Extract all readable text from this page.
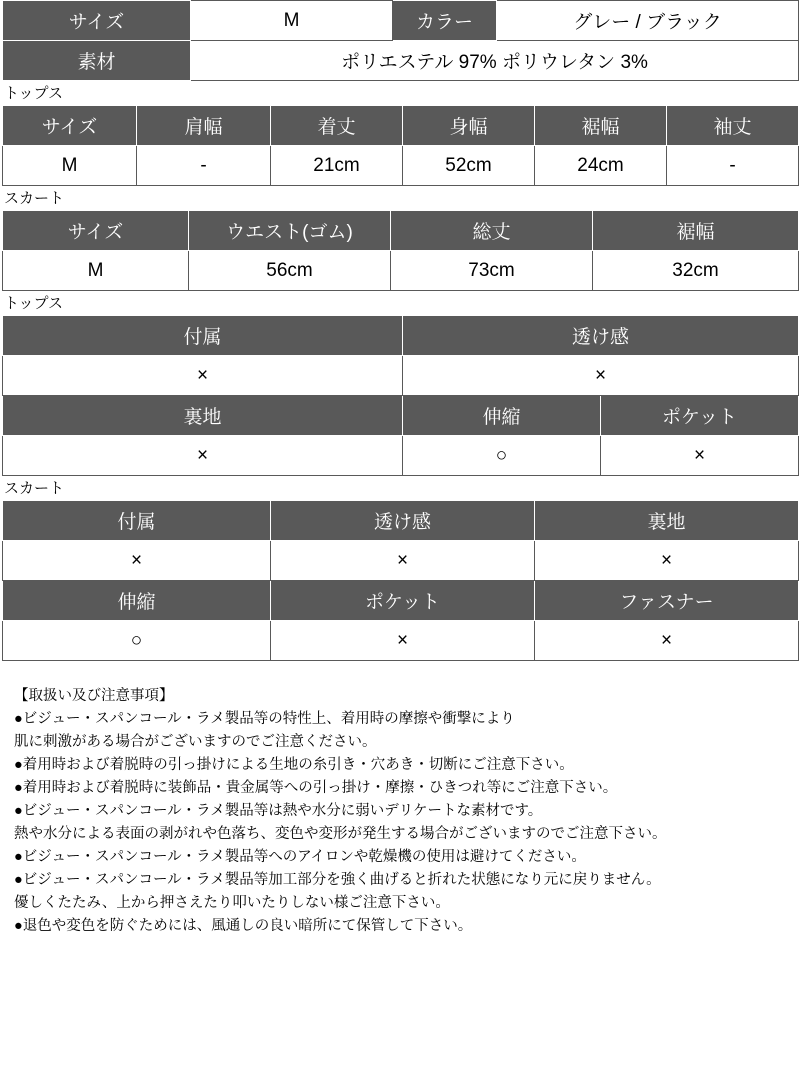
サイズ	M	カラー	グレー / ブラック
素材	ポリエステル 97% ポリウレタン 3%		
トップス
サイズ	肩幅	着丈	身幅	裾幅	袖丈
M	-	21cm	52cm	24cm	-
スカート
サイズ	ウエスト(ゴム)	総丈	裾幅
M	56cm	73cm	32cm
トップス
付属	透け感	
×	×	
裏地	伸縮	ポケット
×	○	×
スカート
付属	透け感	裏地
×	×	×
伸縮	ポケット	ファスナー
○	×	×
【取扱い及び注意事項】
●ビジュー・スパンコール・ラメ製品等の特性上、着用時の摩擦や衝撃により
肌に刺激がある場合がございますのでご注意ください。
●着用時および着脱時の引っ掛けによる生地の糸引き・穴あき・切断にご注意下さい。
●着用時および着脱時に装飾品・貴金属等への引っ掛け・摩擦・ひきつれ等にご注意下さい。
●ビジュー・スパンコール・ラメ製品等は熱や水分に弱いデリケートな素材です。
熱や水分による表面の剥がれや色落ち、変色や変形が発生する場合がございますのでご注意下さい。
●ビジュー・スパンコール・ラメ製品等へのアイロンや乾燥機の使用は避けてください。
●ビジュー・スパンコール・ラメ製品等加工部分を強く曲げると折れた状態になり元に戻りません。
優しくたたみ、上から押さえたり叩いたりしない様ご注意下さい。
●退色や変色を防ぐためには、風通しの良い暗所にて保管して下さい。
